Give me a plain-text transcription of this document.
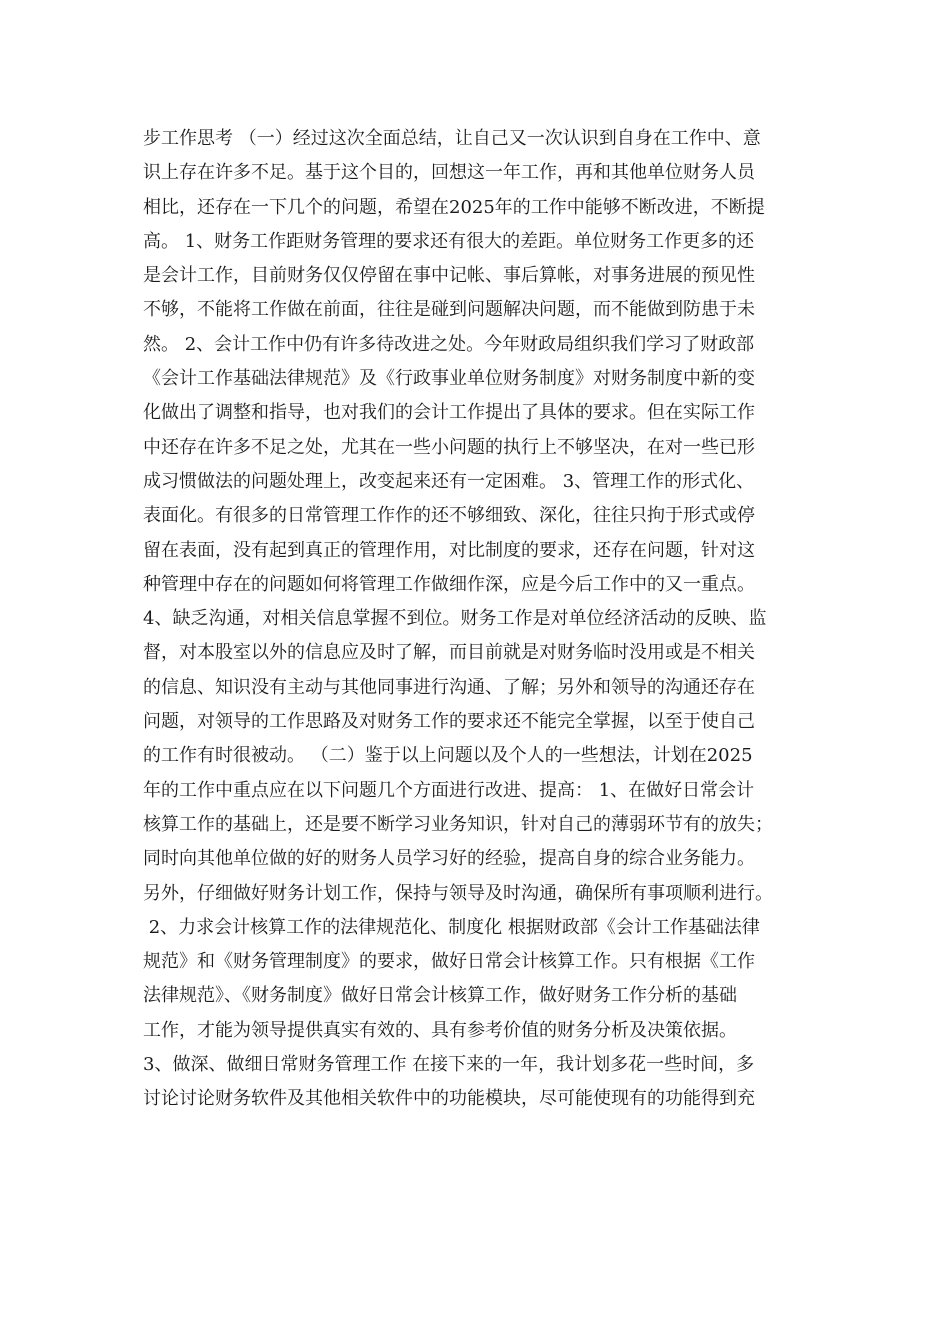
步工作思考 （一）经过这次全面总结，让自己又一次认识到自身在工作中、意
识上存在许多不足。基于这个目的，回想这一年工作，再和其他单位财务人员
相比，还存在一下几个的问题，希望在2025年的工作中能够不断改进，不断提
高。 1、财务工作距财务管理的要求还有很大的差距。单位财务工作更多的还
是会计工作，目前财务仅仅停留在事中记帐、事后算帐，对事务进展的预见性
不够，不能将工作做在前面，往往是碰到问题解决问题，而不能做到防患于未
然。 2、会计工作中仍有许多待改进之处。今年财政局组织我们学习了财政部
《会计工作基础法律规范》及《行政事业单位财务制度》对财务制度中新的变
化做出了调整和指导，也对我们的会计工作提出了具体的要求。但在实际工作
中还存在许多不足之处，尤其在一些小问题的执行上不够坚决，在对一些已形
成习惯做法的问题处理上，改变起来还有一定困难。 3、管理工作的形式化、
表面化。有很多的日常管理工作作的还不够细致、深化，往往只拘于形式或停
留在表面，没有起到真正的管理作用，对比制度的要求，还存在问题，针对这
种管理中存在的问题如何将管理工作做细作深，应是今后工作中的又一重点。
4、缺乏沟通，对相关信息掌握不到位。财务工作是对单位经济活动的反映、监
督，对本股室以外的信息应及时了解，而目前就是对财务临时没用或是不相关
的信息、知识没有主动与其他同事进行沟通、了解；另外和领导的沟通还存在
问题，对领导的工作思路及对财务工作的要求还不能完全掌握，以至于使自己
的工作有时很被动。 （二）鉴于以上问题以及个人的一些想法，计划在2025
年的工作中重点应在以下问题几个方面进行改进、提高： 1、在做好日常会计
核算工作的基础上，还是要不断学习业务知识，针对自己的薄弱环节有的放失；
同时向其他单位做的好的财务人员学习好的经验，提高自身的综合业务能力。
另外，仔细做好财务计划工作，保持与领导及时沟通，确保所有事项顺利进行。
2、力求会计核算工作的法律规范化、制度化 根据财政部《会计工作基础法律
规范》和《财务管理制度》的要求，做好日常会计核算工作。只有根据《工作
法律规范》、《财务制度》做好日常会计核算工作，做好财务工作分析的基础
工作，才能为领导提供真实有效的、具有参考价值的财务分析及决策依据。
3、做深、做细日常财务管理工作 在接下来的一年，我计划多花一些时间，多
讨论讨论财务软件及其他相关软件中的功能模块，尽可能使现有的功能得到充
